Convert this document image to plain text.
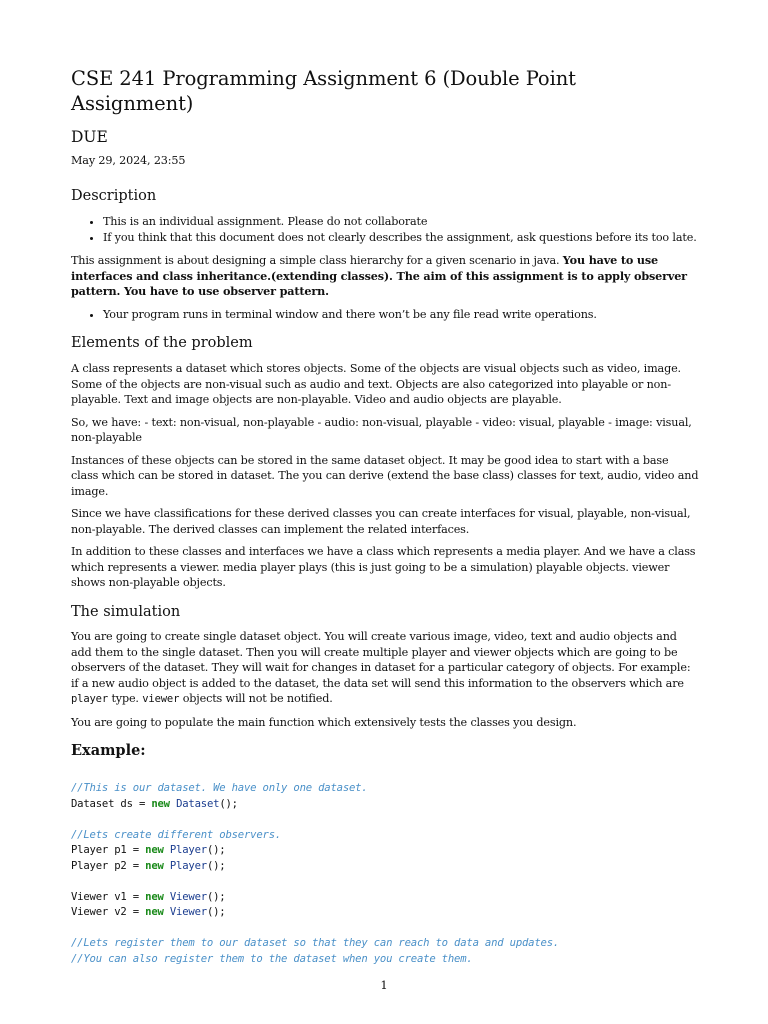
CSE 241 Programming Assignment 6 (Double Point Assignment)
DUE

May 29, 2024, 23:55

Description
• This is an individual assignment. Please do not collaborate
• If you think that this document does not clearly describes the assignment, ask questions before its too late.

This assignment is about designing a simple class hierarchy for a given scenario in java. You have to use interfaces and class inheritance.(extending classes). The aim of this assignment is to apply observer pattern. You have to use observer pattern.

• Your program runs in terminal window and there won’t be any file read write operations.
Elements of the problem

A class represents a dataset which stores objects. Some of the objects are visual objects such as video, image. Some of the objects are non-visual such as audio and text. Objects are also categorized into playable or non-playable. Text and image objects are non-playable. Video and audio objects are playable.

So, we have: - text: non-visual, non-playable - audio: non-visual, playable - video: visual, playable - image: visual, non-playable

Instances of these objects can be stored in the same dataset object. It may be good idea to start with a base class which can be stored in dataset. The you can derive (extend the base class) classes for text, audio, video and image.

Since we have classifications for these derived classes you can create interfaces for visual, playable, non-visual, non-playable. The derived classes can implement the related interfaces.

In addition to these classes and interfaces we have a class which represents a media player. And we have a class which represents a viewer. media player plays (this is just going to be a simulation) playable objects. viewer shows non-playable objects.

The simulation

You are going to create single dataset object. You will create various image, video, text and audio objects and add them to the single dataset. Then you will create multiple player and viewer objects which are going to be observers of the dataset. They will wait for changes in dataset for a particular category of objects. For example: if a new audio object is added to the dataset, the data set will send this information to the observers which are player type. viewer objects will not be notified.

You are going to populate the main function which extensively tests the classes you design.

Example:
//This is our dataset. We have only one dataset.
Dataset ds = new Dataset();
//Lets create different observers.
Player p1 = new Player();
Player p2 = new Player();
Viewer v1 = new Viewer();
Viewer v2 = new Viewer();
//Lets register them to our dataset so that they can reach to data and updates.
//You can also register them to the dataset when you create them.
1
